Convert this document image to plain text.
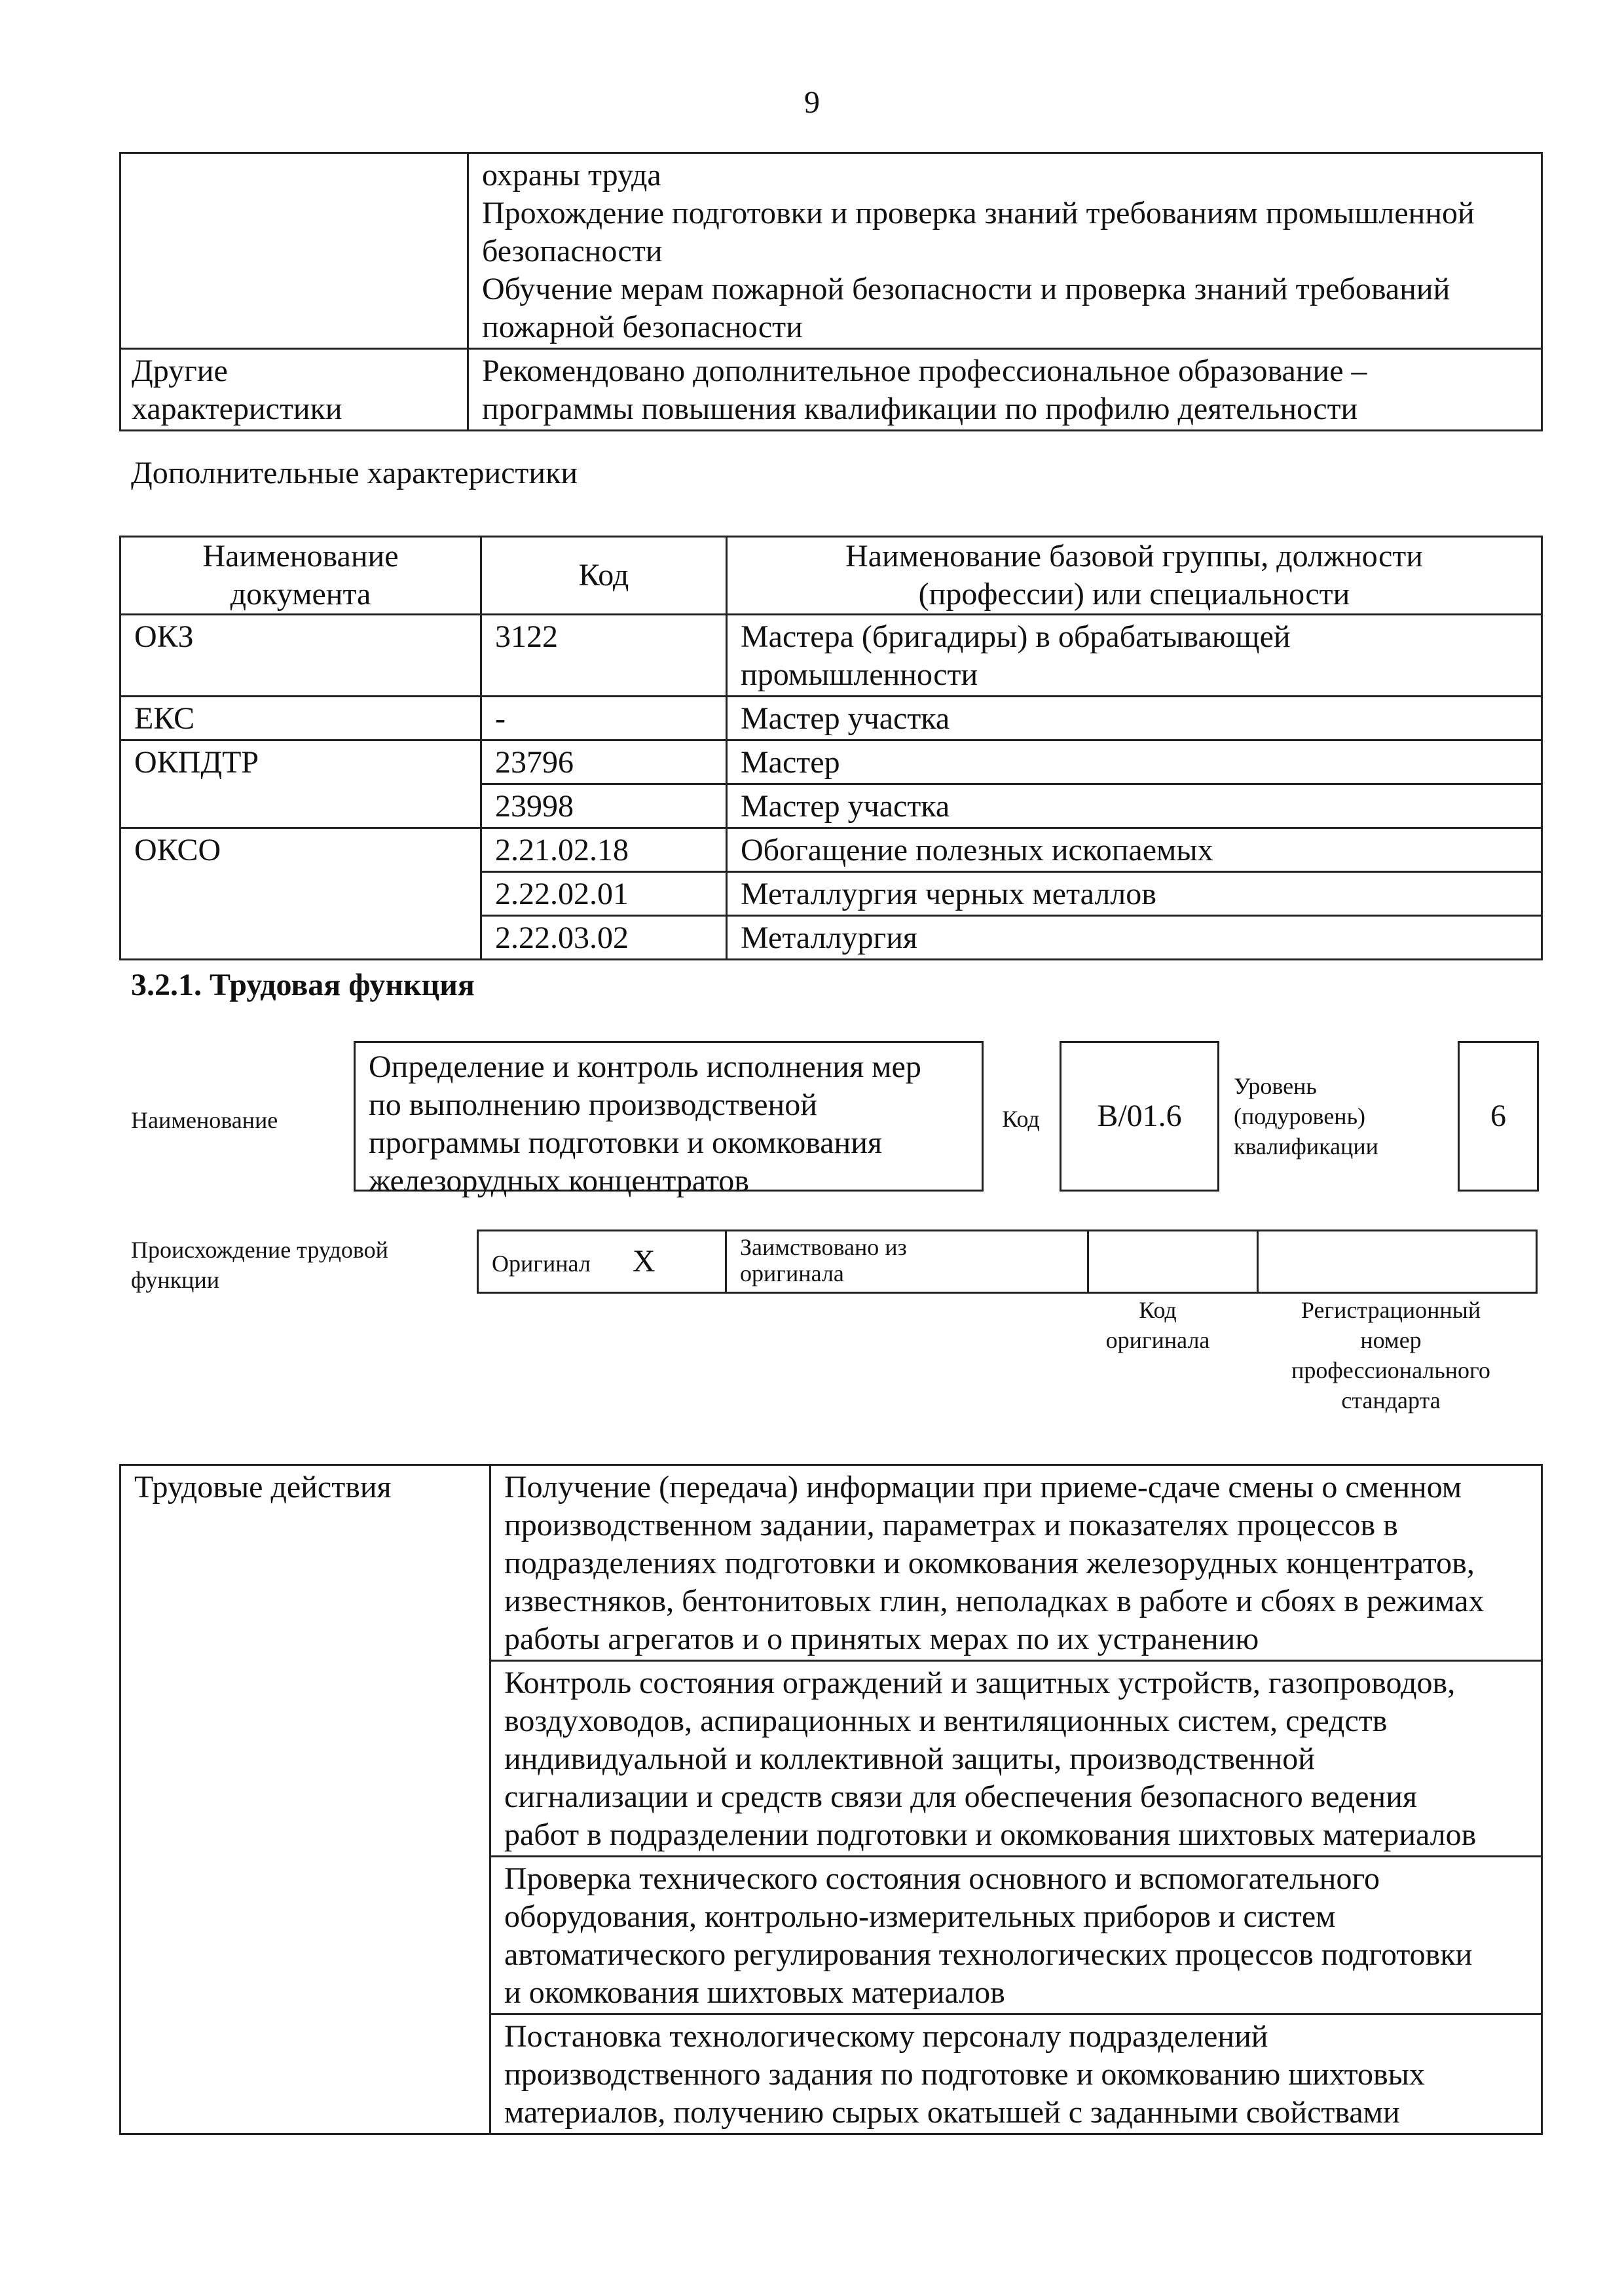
9

	охраны труда
Прохождение подготовки и проверка знаний требованиям промышленной
безопасности
Обучение мерам пожарной безопасности и проверка знаний требований
пожарной безопасности

Другие
характеристики	Рекомендовано дополнительное профессиональное образование –
программы повышения квалификации по профилю деятельности
Дополнительные характеристики
Наименование
документа	Код	Наименование базовой группы, должности
(профессии) или специальности

ОКЗ	3122	Мастера (бригадиры) в обрабатывающей
промышленности

ЕКС	-	Мастер участка
ОКПДТР	23796	Мастер
	23998	Мастер участка
ОКСО	2.21.02.18	Обогащение полезных ископаемых
	2.22.02.01	Металлургия черных металлов
	2.22.03.02	Металлургия
3.2.1. Трудовая функция
Наименование
Определение и контроль исполнения мер
по выполнению производственой
программы подготовки и окомкования
железорудных концентратов
Код B/01.6
Уровень
(подуровень)
квалификации
6
Происхождение трудовой
функции
Оригинал X	Заимствовано из
оригинала

Код
оригинала
Регистрационный
номер
профессионального
стандарта
Трудовые действия	Получение (передача) информации при приеме-сдаче смены о сменном
производственном задании, параметрах и показателях процессов в
подразделениях подготовки и окомкования железорудных концентратов,
известняков, бентонитовых глин, неполадках в работе и сбоях в режимах
работы агрегатов и о принятых мерах по их устранению

Контроль состояния ограждений и защитных устройств, газопроводов,
воздуховодов, аспирационных и вентиляционных систем, средств
индивидуальной и коллективной защиты, производственной
сигнализации и средств связи для обеспечения безопасного ведения
работ в подразделении подготовки и окомкования шихтовых материалов

Проверка технического состояния основного и вспомогательного
оборудования, контрольно-измерительных приборов и систем
автоматического регулирования технологических процессов подготовки
и окомкования шихтовых материалов

Постановка технологическому персоналу подразделений
производственного задания по подготовке и окомкованию шихтовых
материалов, получению сырых окатышей с заданными свойствами
